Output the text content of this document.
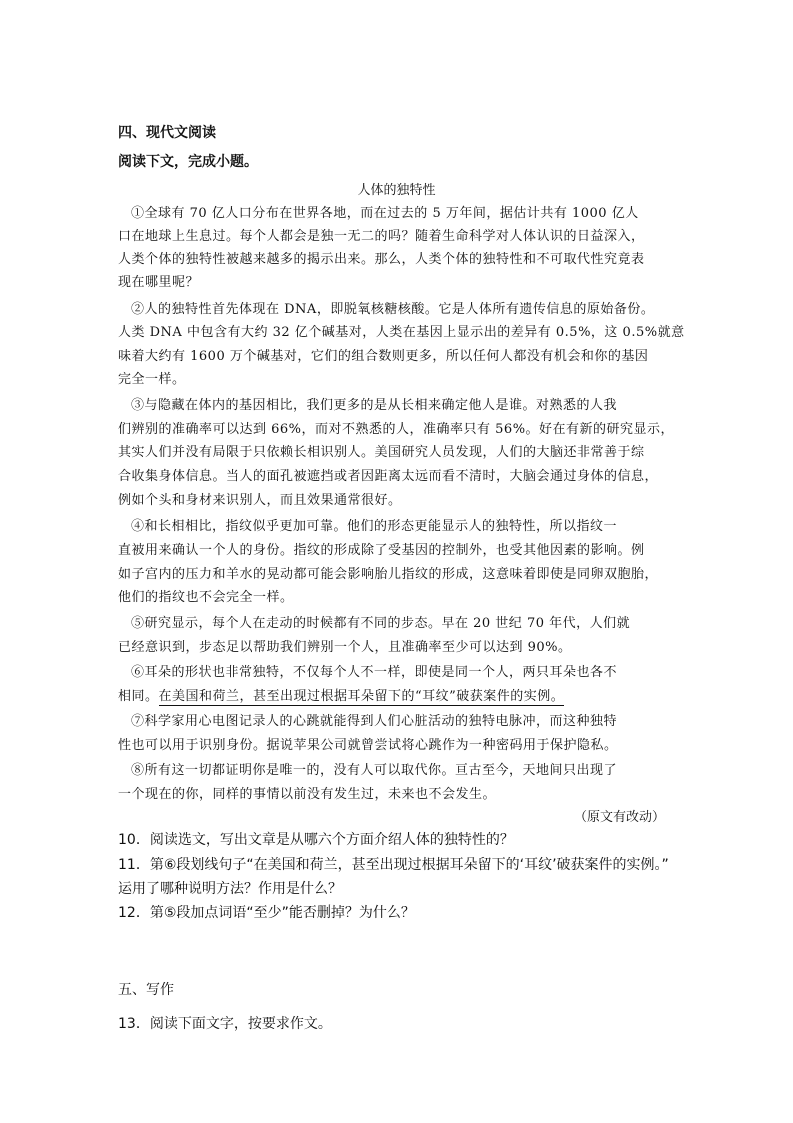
四、现代文阅读
阅读下文，完成小题。
人体的独特性
①全球有 70 亿人口分布在世界各地，而在过去的 5 万年间，据估计共有 1000 亿人
口在地球上生息过。每个人都会是独一无二的吗？随着生命科学对人体认识的日益深入，
人类个体的独特性被越来越多的揭示出来。那么，人类个体的独特性和不可取代性究竟表
现在哪里呢？
②人的独特性首先体现在 DNA，即脱氧核糖核酸。它是人体所有遗传信息的原始备份。
人类 DNA 中包含有大约 32 亿个碱基对，人类在基因上显示出的差异有 0.5%，这 0.5%就意
味着大约有 1600 万个碱基对，它们的组合数则更多，所以任何人都没有机会和你的基因
完全一样。
③与隐藏在体内的基因相比，我们更多的是从长相来确定他人是谁。对熟悉的人我
们辨别的准确率可以达到 66%，而对不熟悉的人，准确率只有 56%。好在有新的研究显示，
其实人们并没有局限于只依赖长相识别人。美国研究人员发现，人们的大脑还非常善于综
合收集身体信息。当人的面孔被遮挡或者因距离太远而看不清时，大脑会通过身体的信息，
例如个头和身材来识别人，而且效果通常很好。
④和长相相比，指纹似乎更加可靠。他们的形态更能显示人的独特性，所以指纹一
直被用来确认一个人的身份。指纹的形成除了受基因的控制外，也受其他因素的影响。例
如子宫内的压力和羊水的晃动都可能会影响胎儿指纹的形成，这意味着即使是同卵双胞胎，
他们的指纹也不会完全一样。
⑤研究显示，每个人在走动的时候都有不同的步态。早在 20 世纪 70 年代，人们就
已经意识到，步态足以帮助我们辨别一个人，且准确率至少可以达到 90%。
⑥耳朵的形状也非常独特，不仅每个人不一样，即使是同一个人，两只耳朵也各不
相同。在美国和荷兰，甚至出现过根据耳朵留下的“耳纹”破获案件的实例。
⑦科学家用心电图记录人的心跳就能得到人们心脏活动的独特电脉冲，而这种独特
性也可以用于识别身份。据说苹果公司就曾尝试将心跳作为一种密码用于保护隐私。
⑧所有这一切都证明你是唯一的，没有人可以取代你。亘古至今，天地间只出现了
一个现在的你，同样的事情以前没有发生过，未来也不会发生。
（原文有改动）
10．阅读选文，写出文章是从哪六个方面介绍人体的独特性的？
11．第⑥段划线句子“在美国和荷兰，甚至出现过根据耳朵留下的‘耳纹’破获案件的实例。”
运用了哪种说明方法？作用是什么？
12．第⑤段加点词语“至少”能否删掉？为什么？
五、写作
13．阅读下面文字，按要求作文。
